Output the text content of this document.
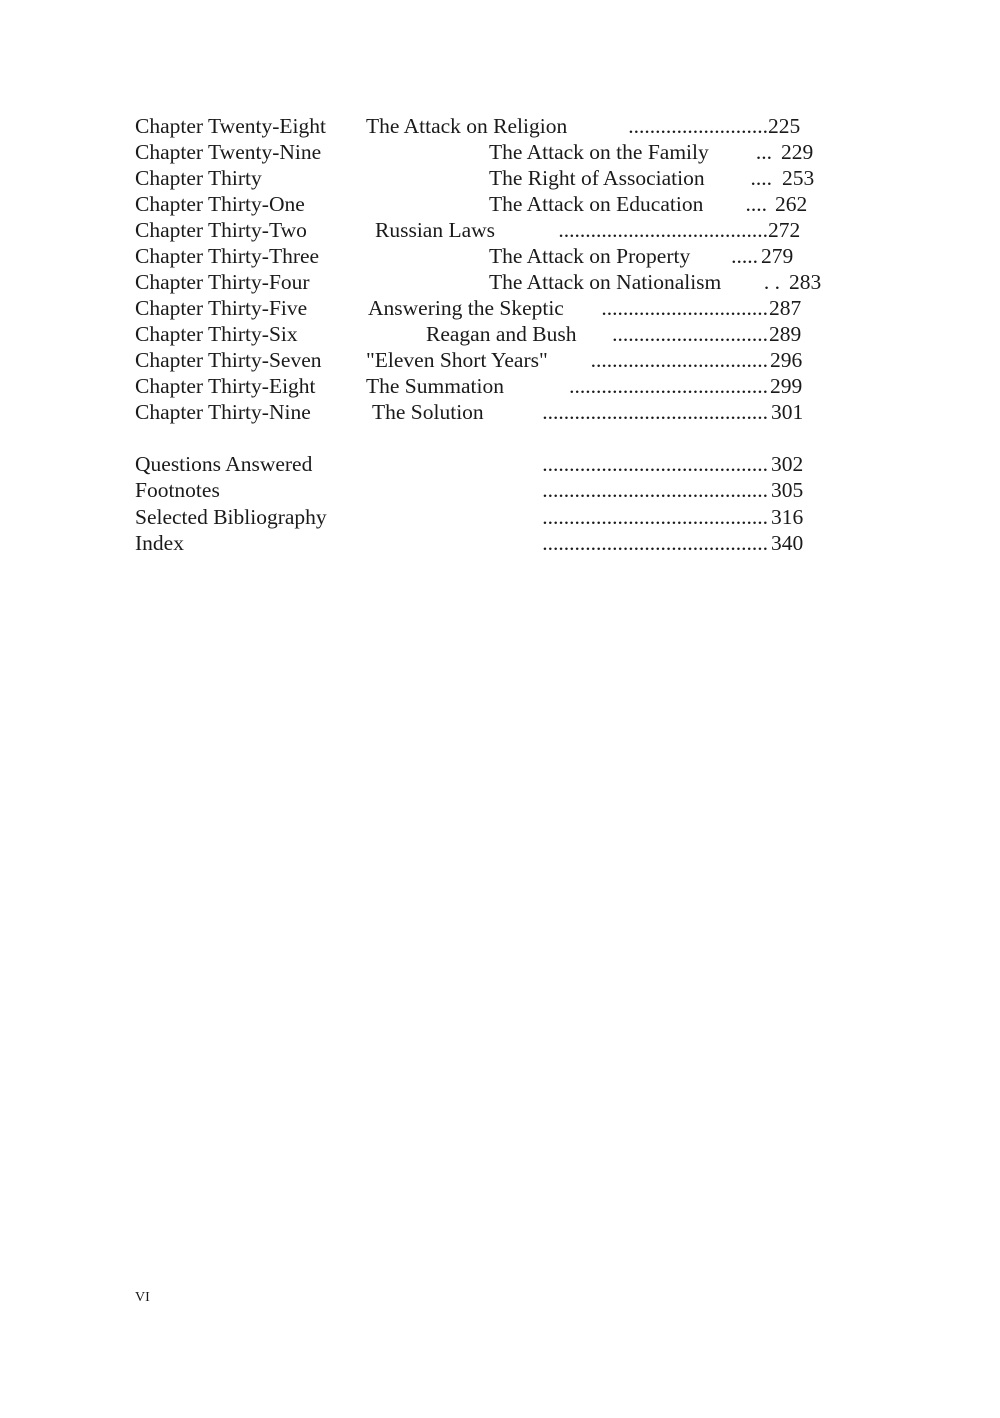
Chapter Twenty-Eight The Attack on Religion	.......................... 225
Chapter Twenty-Nine	The Attack on the Family	... 229
Chapter Thirty	The Right of Association	.... 253
Chapter Thirty-One	The Attack on Education	.... 262
Chapter Thirty-Two	Russian Laws	....................................... 272
Chapter Thirty-Three	The Attack on Property	..... 279
Chapter Thirty-Four	The Attack on Nationalism	. . 283
Chapter Thirty-Five	Answering the Skeptic	............................... 287
Chapter Thirty-Six	Reagan and Bush	............................. 289
Chapter Thirty-Seven "Eleven Short Years"	................................. 296
Chapter Thirty-Eight The Summation	..................................... 299
Chapter Thirty-Nine	The Solution	.......................................... 301
Questions Answered	.......................................... 302
Footnotes	.......................................... 305
Selected Bibliography	.......................................... 316
Index	.......................................... 340
VI
